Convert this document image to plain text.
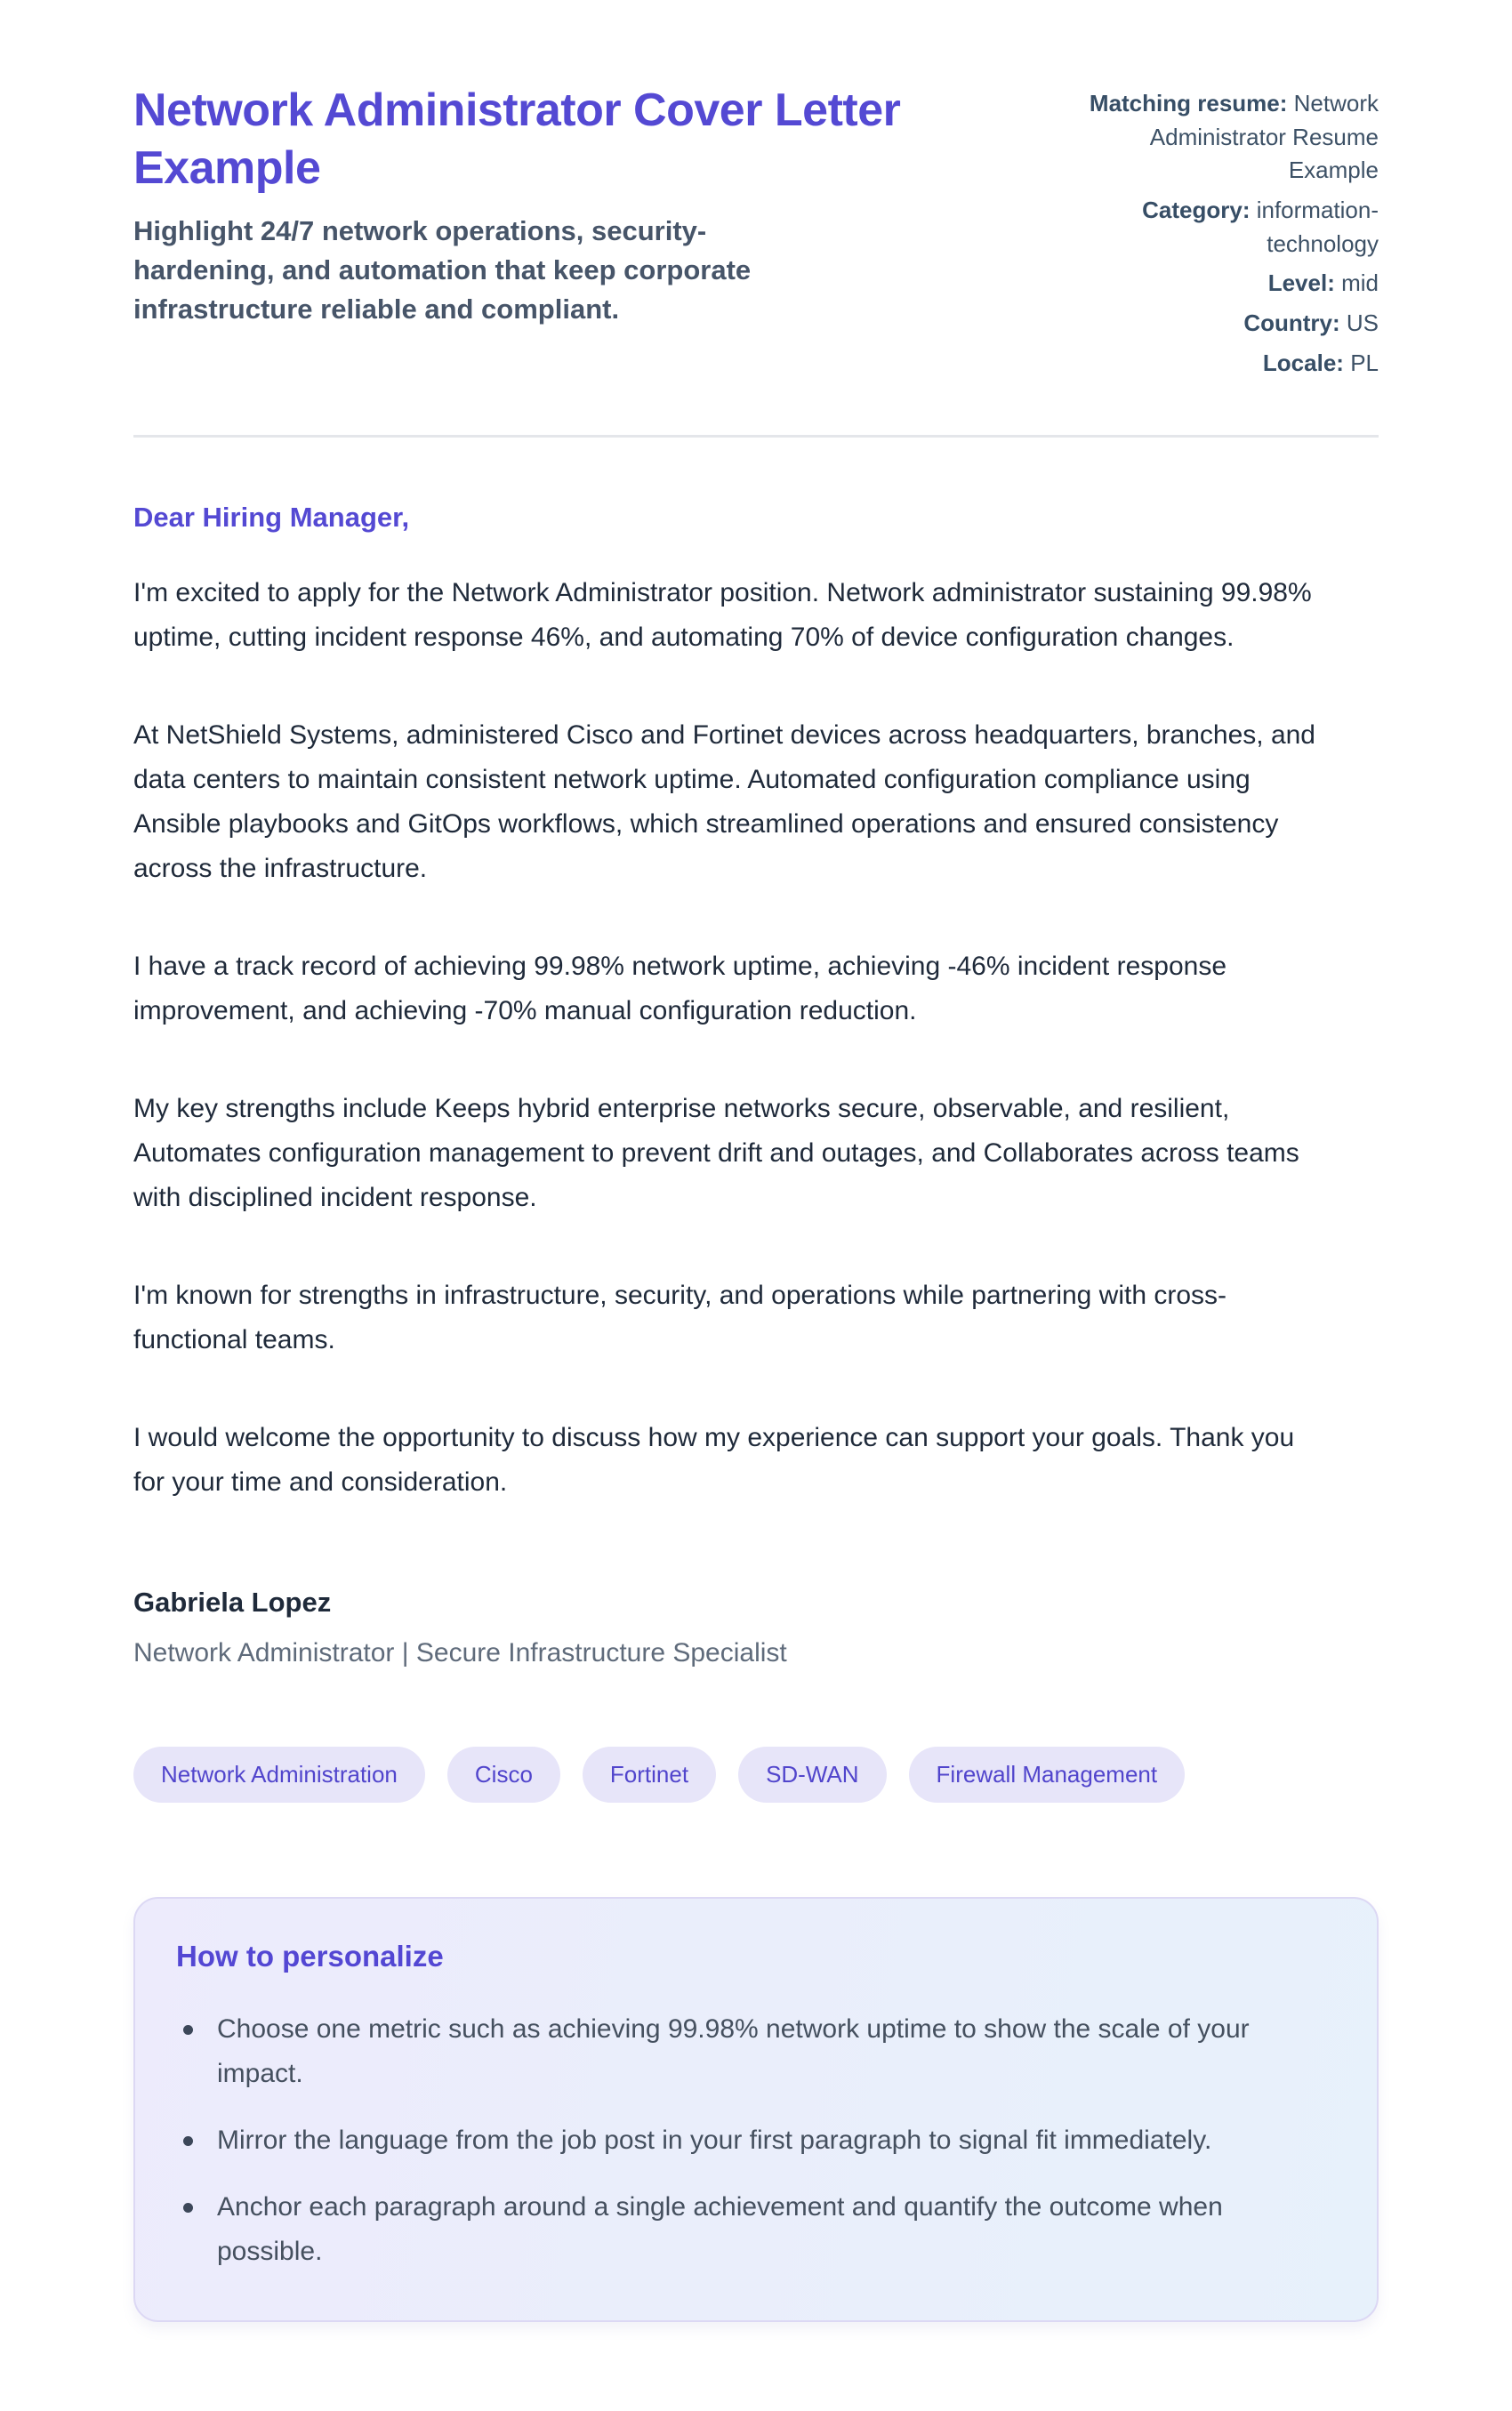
Network Administrator Cover Letter Example

Highlight 24/7 network operations, security-hardening, and automation that keep corporate infrastructure reliable and compliant.

Matching resume: Network Administrator Resume Example
Category: information-technology
Level: mid
Country: US
Locale: PL

Dear Hiring Manager,

I'm excited to apply for the Network Administrator position. Network administrator sustaining 99.98% uptime, cutting incident response 46%, and automating 70% of device configuration changes.

At NetShield Systems, administered Cisco and Fortinet devices across headquarters, branches, and data centers to maintain consistent network uptime. Automated configuration compliance using Ansible playbooks and GitOps workflows, which streamlined operations and ensured consistency across the infrastructure.

I have a track record of achieving 99.98% network uptime, achieving -46% incident response improvement, and achieving -70% manual configuration reduction.

My key strengths include Keeps hybrid enterprise networks secure, observable, and resilient, Automates configuration management to prevent drift and outages, and Collaborates across teams with disciplined incident response.

I'm known for strengths in infrastructure, security, and operations while partnering with cross-functional teams.

I would welcome the opportunity to discuss how my experience can support your goals. Thank you for your time and consideration.

Gabriela Lopez

Network Administrator | Secure Infrastructure Specialist

Network Administration	Cisco	Fortinet	SD-WAN	Firewall Management
How to personalize
Choose one metric such as achieving 99.98% network uptime to show the scale of your impact.
Mirror the language from the job post in your first paragraph to signal fit immediately.
Anchor each paragraph around a single achievement and quantify the outcome when possible.
